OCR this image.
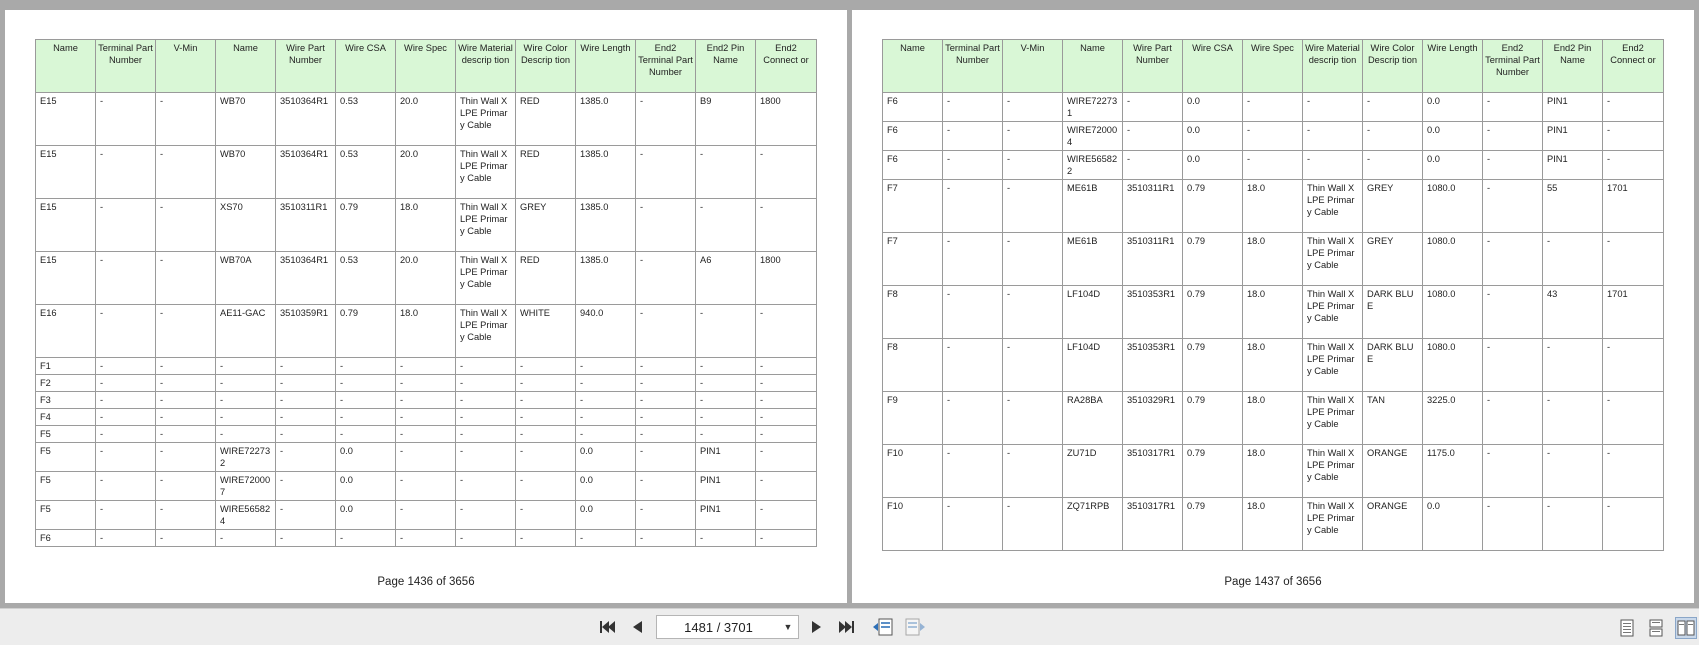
Name	Terminal Part Number	V-Min	Name	Wire Part Number	Wire CSA	Wire Spec	Wire Material descrip tion	Wire Color Descrip tion	Wire Length	End2 Terminal Part Number	End2 Pin Name	End2 Connect or
E15	-	-	WB70	3510364R1	0.53	20.0	Thin Wall XLPE Primary Cable	RED	1385.0	-	B9	1800
E15	-	-	WB70	3510364R1	0.53	20.0	Thin Wall XLPE Primary Cable	RED	1385.0	-	-	-
E15	-	-	XS70	3510311R1	0.79	18.0	Thin Wall XLPE Primary Cable	GREY	1385.0	-	-	-
E15	-	-	WB70A	3510364R1	0.53	20.0	Thin Wall XLPE Primary Cable	RED	1385.0	-	A6	1800
E16	-	-	AE11-GAC	3510359R1	0.79	18.0	Thin Wall XLPE Primary Cable	WHITE	940.0	-	-	-
F1	-	-	-	-	-	-	-	-	-	-	-	-
F2	-	-	-	-	-	-	-	-	-	-	-	-
F3	-	-	-	-	-	-	-	-	-	-	-	-
F4	-	-	-	-	-	-	-	-	-	-	-	-
F5	-	-	-	-	-	-	-	-	-	-	-	-
F5	-	-	WIRE722732	-	0.0	-	-	-	0.0	-	PIN1	-
F5	-	-	WIRE720007	-	0.0	-	-	-	0.0	-	PIN1	-
F5	-	-	WIRE565824	-	0.0	-	-	-	0.0	-	PIN1	-
F6	-	-	-	-	-	-	-	-	-	-	-	-
Page 1436 of 3656
Name	Terminal Part Number	V-Min	Name	Wire Part Number	Wire CSA	Wire Spec	Wire Material descrip tion	Wire Color Descrip tion	Wire Length	End2 Terminal Part Number	End2 Pin Name	End2 Connect or
F6	-	-	WIRE722731	-	0.0	-	-	-	0.0	-	PIN1	-
F6	-	-	WIRE720004	-	0.0	-	-	-	0.0	-	PIN1	-
F6	-	-	WIRE565822	-	0.0	-	-	-	0.0	-	PIN1	-
F7	-	-	ME61B	3510311R1	0.79	18.0	Thin Wall XLPE Primary Cable	GREY	1080.0	-	55	1701
F7	-	-	ME61B	3510311R1	0.79	18.0	Thin Wall XLPE Primary Cable	GREY	1080.0	-	-	-
F8	-	-	LF104D	3510353R1	0.79	18.0	Thin Wall XLPE Primary Cable	DARK BLUE	1080.0	-	43	1701
F8	-	-	LF104D	3510353R1	0.79	18.0	Thin Wall XLPE Primary Cable	DARK BLUE	1080.0	-	-	-
F9	-	-	RA28BA	3510329R1	0.79	18.0	Thin Wall XLPE Primary Cable	TAN	3225.0	-	-	-
F10	-	-	ZU71D	3510317R1	0.79	18.0	Thin Wall XLPE Primary Cable	ORANGE	1175.0	-	-	-
F10	-	-	ZQ71RPB	3510317R1	0.79	18.0	Thin Wall XLPE Primary Cable	ORANGE	0.0	-	-	-
Page 1437 of 3656
1481 / 3701
▼
